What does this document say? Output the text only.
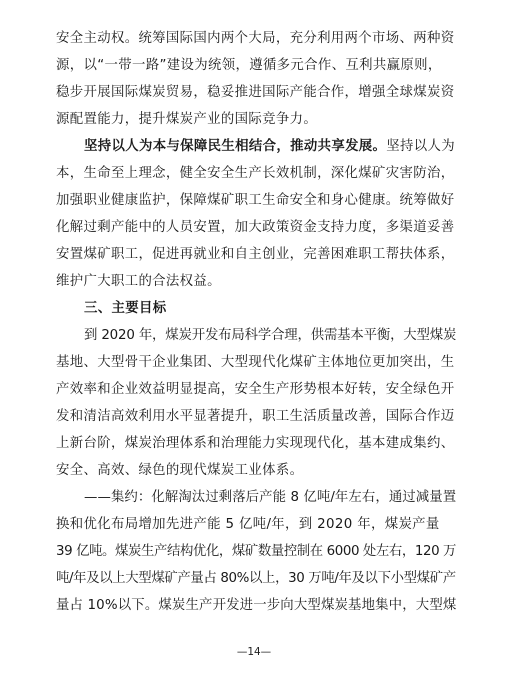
安全主动权。统筹国际国内两个大局，充分利用两个市场、两种资
源，以“一带一路”建设为统领，遵循多元合作、互利共赢原则，
稳步开展国际煤炭贸易，稳妥推进国际产能合作，增强全球煤炭资
源配置能力，提升煤炭产业的国际竞争力。
坚持以人为本与保障民生相结合，推动共享发展。坚持以人为
本，生命至上理念，健全安全生产长效机制，深化煤矿灾害防治，
加强职业健康监护，保障煤矿职工生命安全和身心健康。统筹做好
化解过剩产能中的人员安置，加大政策资金支持力度，多渠道妥善
安置煤矿职工，促进再就业和自主创业，完善困难职工帮扶体系，
维护广大职工的合法权益。
三、主要目标
到 2020 年，煤炭开发布局科学合理，供需基本平衡，大型煤炭
基地、大型骨干企业集团、大型现代化煤矿主体地位更加突出，生
产效率和企业效益明显提高，安全生产形势根本好转，安全绿色开
发和清洁高效利用水平显著提升，职工生活质量改善，国际合作迈
上新台阶，煤炭治理体系和治理能力实现现代化，基本建成集约、
安全、高效、绿色的现代煤炭工业体系。
——集约：化解淘汰过剩落后产能 8 亿吨/年左右，通过减量置
换和优化布局增加先进产能 5 亿吨/年，到 2020 年，煤炭产量
39 亿吨。煤炭生产结构优化，煤矿数量控制在 6000 处左右，120 万
吨/年及以上大型煤矿产量占 80%以上，30 万吨/年及以下小型煤矿产
量占 10%以下。煤炭生产开发进一步向大型煤炭基地集中，大型煤
—14—
